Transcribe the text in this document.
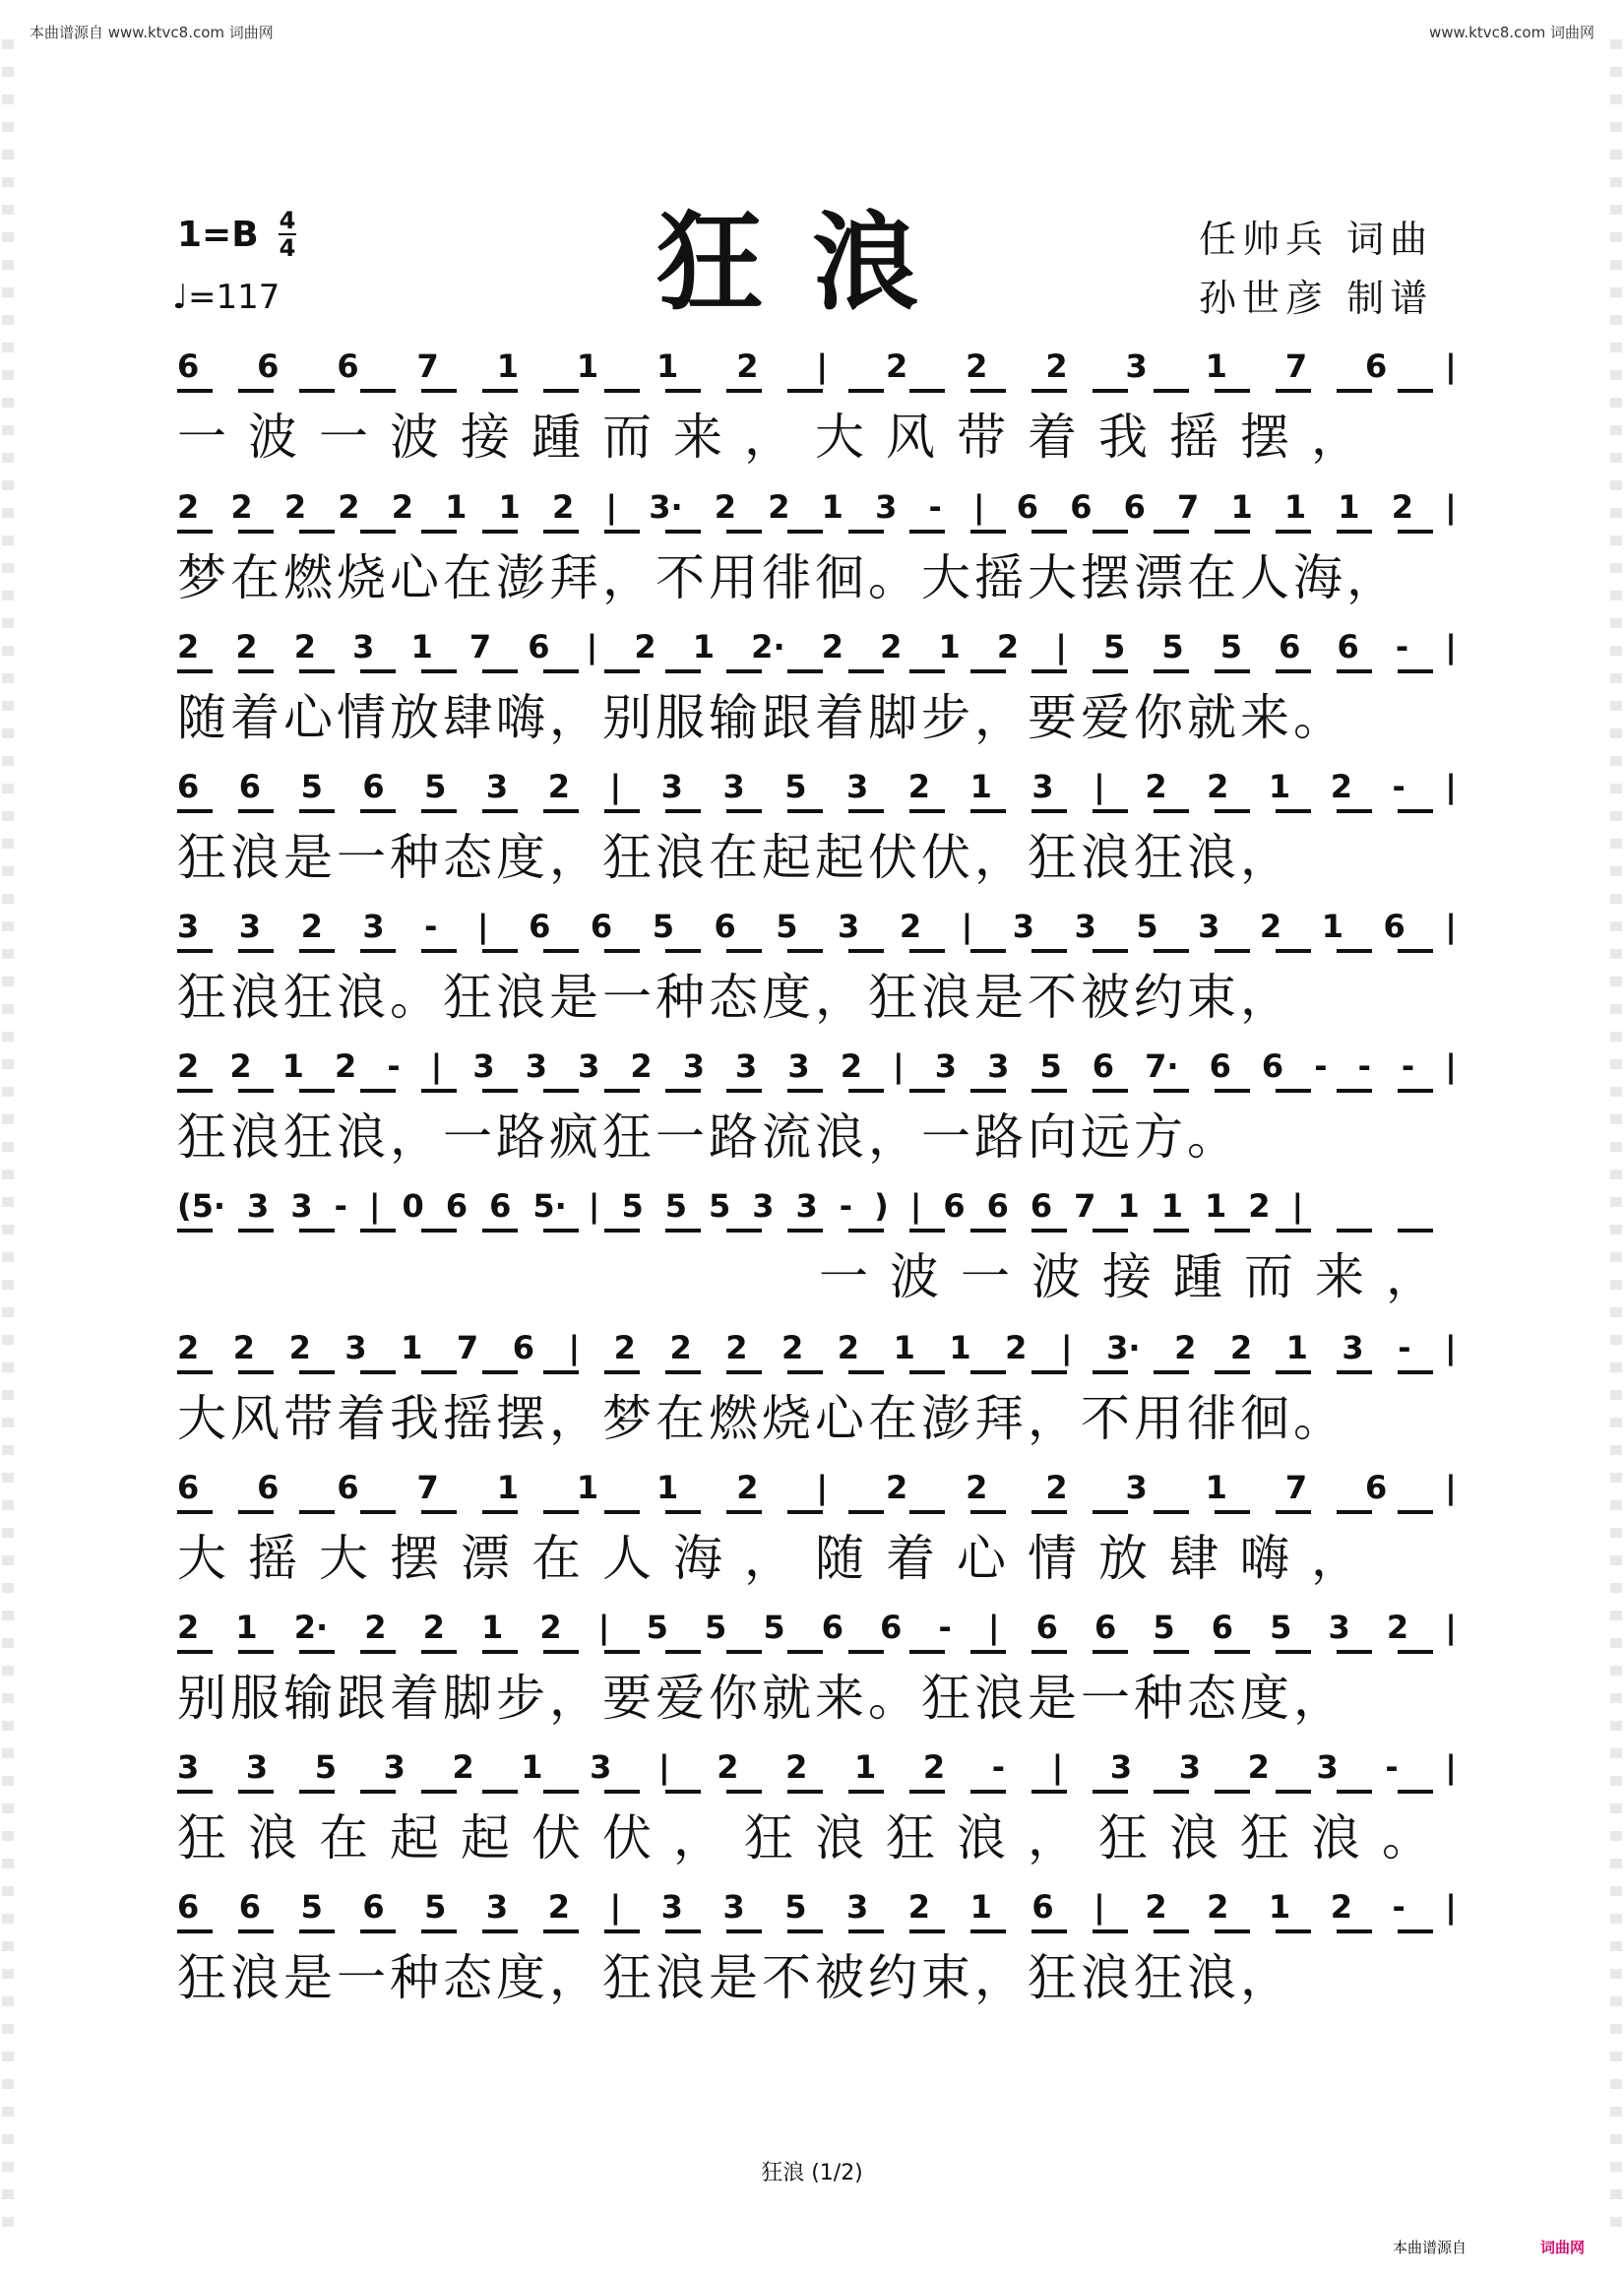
本曲谱源自 www.ktvc8.com 词曲网	www.ktvc8.com 词曲网
狂浪
1=B 4
4
♩=117
任帅兵 词曲
孙世彦 制谱
6 6 6 7 1 1 1 2 | 2 2 2 3 1 7 6 |
一波一波接踵而来，大风带着我摇摆，
2 2 2 2 2 1 1 2 | 3· 2 2 1 3 - | 6 6 6 7 1 1 1 2 |
梦在燃烧心在澎拜，不用徘徊。大摇大摆漂在人海，
2 2 2 3 1 7 6 | 2 1 2· 2 2 1 2 | 5 5 5 6 6 - |
随着心情放肆嗨，别服输跟着脚步，要爱你就来。
6 6 5 6 5 3 2 | 3 3 5 3 2 1 3 | 2 2 1 2 - |
狂浪是一种态度，狂浪在起起伏伏，狂浪狂浪，
3 3 2 3 - | 6 6 5 6 5 3 2 | 3 3 5 3 2 1 6 |
狂浪狂浪。狂浪是一种态度，狂浪是不被约束，
2 2 1 2 - | 3 3 3 2 3 3 3 2 | 3 3 5 6 7· 6 6 - - - |
狂浪狂浪，一路疯狂一路流浪，一路向远方。
(5· 3 3 - | 0 6 6 5· | 5 5 5 3 3 - ) | 6 6 6 7 1 1 1 2 |
一波一波接踵而来，
2 2 2 3 1 7 6 | 2 2 2 2 2 1 1 2 | 3· 2 2 1 3 - |
大风带着我摇摆，梦在燃烧心在澎拜，不用徘徊。
6 6 6 7 1 1 1 2 | 2 2 2 3 1 7 6 |
大摇大摆漂在人海，随着心情放肆嗨，
2 1 2· 2 2 1 2 | 5 5 5 6 6 - | 6 6 5 6 5 3 2 |
别服输跟着脚步，要爱你就来。狂浪是一种态度，
3 3 5 3 2 1 3 | 2 2 1 2 - | 3 3 2 3 - |
狂浪在起起伏伏，狂浪狂浪，狂浪狂浪。
6 6 5 6 5 3 2 | 3 3 5 3 2 1 6 | 2 2 1 2 - |
狂浪是一种态度，狂浪是不被约束，狂浪狂浪，
狂浪 (1/2)
本曲谱源自	词曲网
